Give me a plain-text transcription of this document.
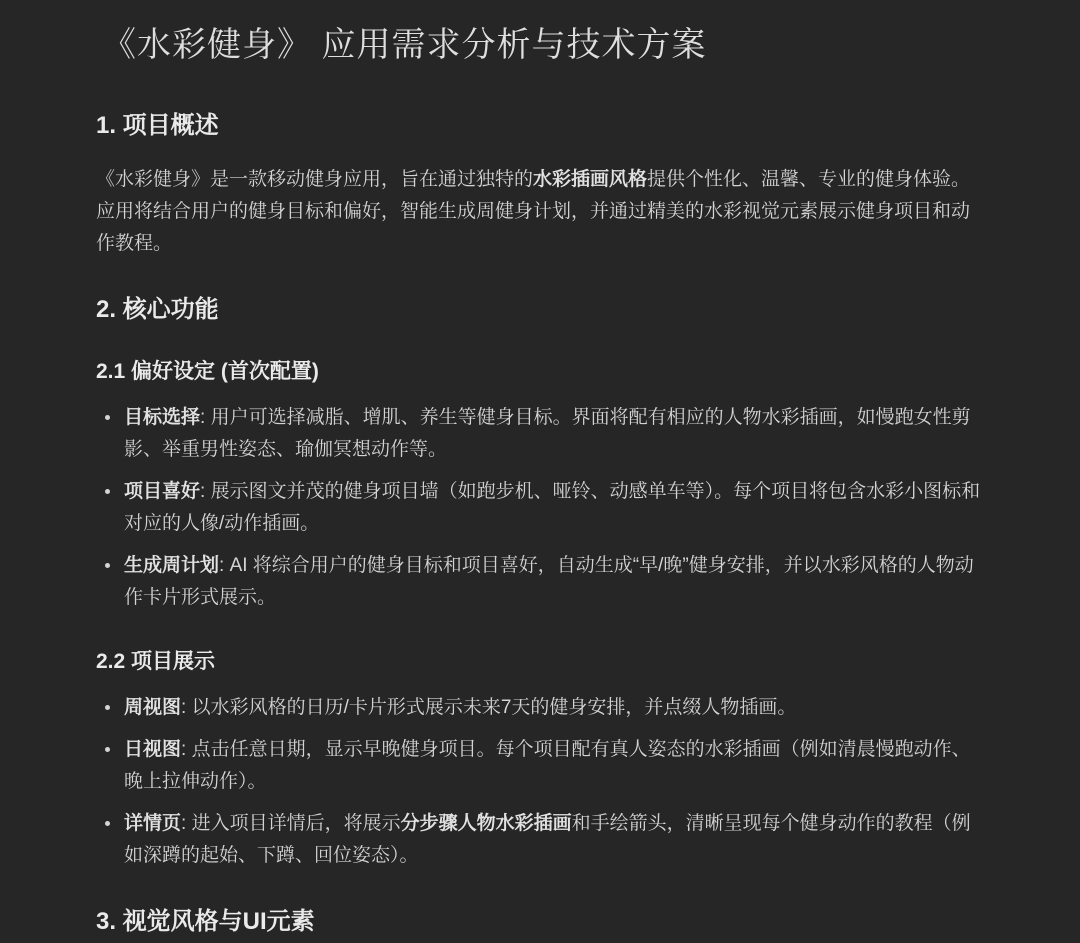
《水彩健身》 应用需求分析与技术方案
1. 项目概述

《水彩健身》是一款移动健身应用，旨在通过独特的水彩插画风格提供个性化、温馨、专业的健身体验。应用将结合用户的健身目标和偏好，智能生成周健身计划，并通过精美的水彩视觉元素展示健身项目和动作教程。

2. 核心功能
2.1 偏好设定 (首次配置)
• 目标选择: 用户可选择减脂、增肌、养生等健身目标。界面将配有相应的人物水彩插画，如慢跑女性剪影、举重男性姿态、瑜伽冥想动作等。
• 项目喜好: 展示图文并茂的健身项目墙（如跑步机、哑铃、动感单车等）。每个项目将包含水彩小图标和对应的人像/动作插画。
• 生成周计划: AI 将综合用户的健身目标和项目喜好，自动生成“早/晚”健身安排，并以水彩风格的人物动作卡片形式展示。
2.2 项目展示
• 周视图: 以水彩风格的日历/卡片形式展示未来7天的健身安排，并点缀人物插画。
• 日视图: 点击任意日期，显示早晚健身项目。每个项目配有真人姿态的水彩插画（例如清晨慢跑动作、晚上拉伸动作）。
• 详情页: 进入项目详情后，将展示分步骤人物水彩插画和手绘箭头，清晰呈现每个健身动作的教程（例如深蹲的起始、下蹲、回位姿态）。
3. 视觉风格与UI元素
